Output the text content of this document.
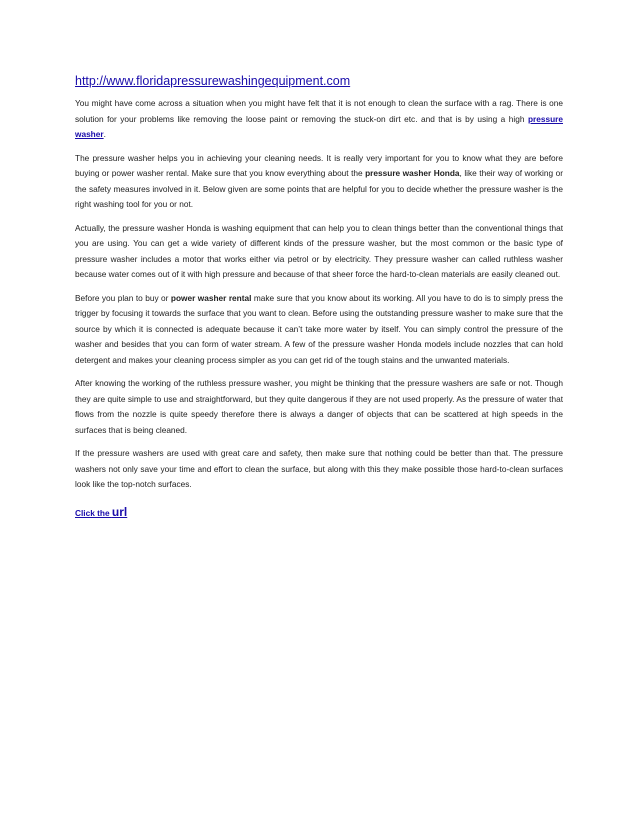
http://www.floridapressurewashingequipment.com

You might have come across a situation when you might have felt that it is not enough to clean the surface with a rag. There is one solution for your problems like removing the loose paint or removing the stuck-on dirt etc. and that is by using a high pressure washer.

The pressure washer helps you in achieving your cleaning needs. It is really very important for you to know what they are before buying or power washer rental. Make sure that you know everything about the pressure washer Honda, like their way of working or the safety measures involved in it. Below given are some points that are helpful for you to decide whether the pressure washer is the right washing tool for you or not.

Actually, the pressure washer Honda is washing equipment that can help you to clean things better than the conventional things that you are using. You can get a wide variety of different kinds of the pressure washer, but the most common or the basic type of pressure washer includes a motor that works either via petrol or by electricity. They pressure washer can called ruthless washer because water comes out of it with high pressure and because of that sheer force the hard-to-clean materials are easily cleaned out.

Before you plan to buy or power washer rental make sure that you know about its working. All you have to do is to simply press the trigger by focusing it towards the surface that you want to clean. Before using the outstanding pressure washer to make sure that the source by which it is connected is adequate because it can’t take more water by itself. You can simply control the pressure of the washer and besides that you can form of water stream. A few of the pressure washer Honda models include nozzles that can hold detergent and makes your cleaning process simpler as you can get rid of the tough stains and the unwanted materials.

After knowing the working of the ruthless pressure washer, you might be thinking that the pressure washers are safe or not. Though they are quite simple to use and straightforward, but they quite dangerous if they are not used properly. As the pressure of water that flows from the nozzle is quite speedy therefore there is always a danger of objects that can be scattered at high speeds in the surfaces that is being cleaned.

If the pressure washers are used with great care and safety, then make sure that nothing could be better than that. The pressure washers not only save your time and effort to clean the surface, but along with this they make possible those hard-to-clean surfaces look like the top-notch surfaces.

Click the url
